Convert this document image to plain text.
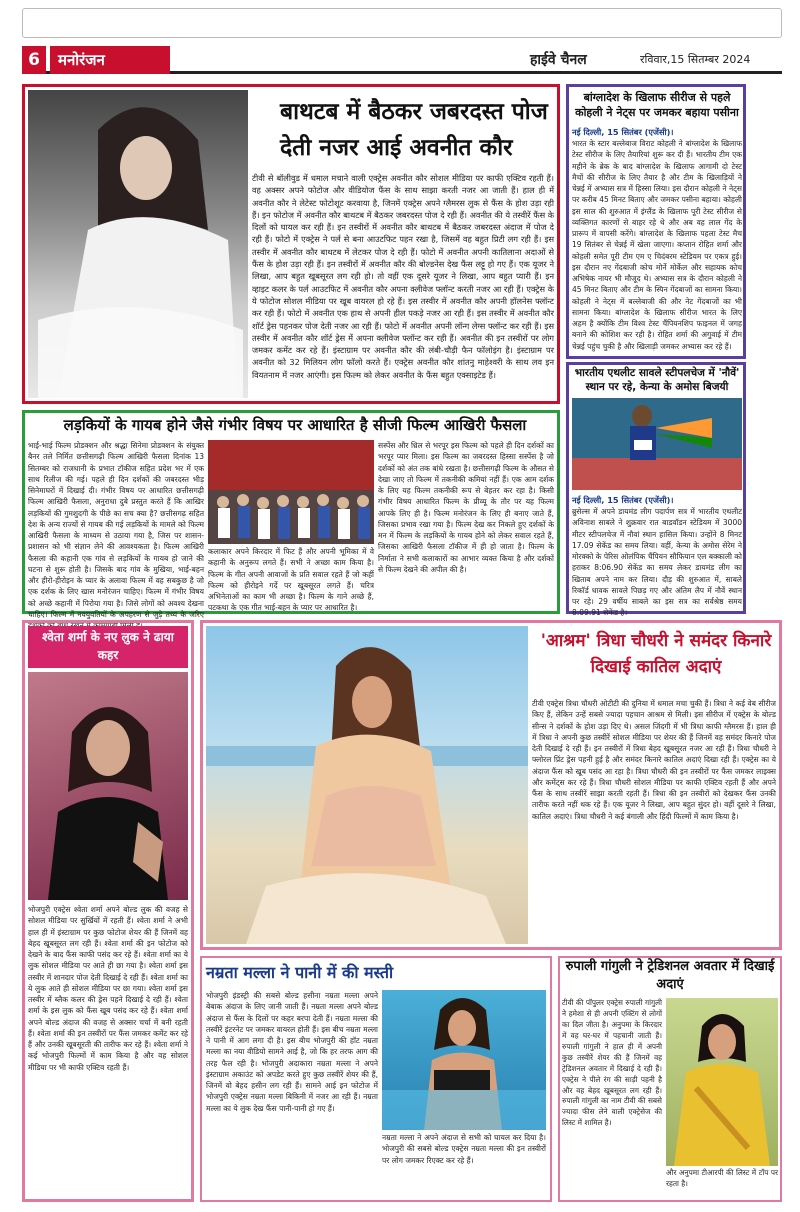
6	मनोरंजन	हाईवे चैनल	रविवार,15 सितम्बर 2024
बाथटब में बैठकर जबरदस्त पोज देती नजर आई अवनीत कौर
टीवी से बॉलीवुड में धमाल मचाने वाली एक्ट्रेस अवनीत कौर सोशल मीडिया पर काफी एक्टिव रहती हैं। वह अक्सर अपने फोटोज और वीडियोज फैंस के साथ साझा करती नजर आ जाती हैं। हाल ही में अवनीत कौर ने लेटेस्ट फोटोशूट करवाया है, जिनमें एक्ट्रेस अपने ग्लैमरस लुक से फैंस के होश उड़ा रही हैं। इन फोटोज में अवनीत कौर बाथटब में बैठकर जबरदस्त पोज दे रही हैं। अवनीत की ये तस्वीरें फैंस के दिलों को घायल कर रही हैं। इन तस्वीरों में अवनीत कौर बाथटब में बैठकर जबरदस्त अंदाज में पोज दे रही हैं। फोटो में एक्ट्रेस ने पर्ल से बना आउटफिट पहन रखा है, जिसमें वह बहुत प्रिटी लग रही हैं। इस तस्वीर में अवनीत कौर बाथटब में लेटकर पोज दे रही हैं। फोटो में अवनीत अपनी कातिलाना अदाओं से फैंस के होश उड़ा रही हैं। इन तस्वीरों में अवनीत कौर की बोल्डनेस देख फैंस लट्टू हो गए हैं। एक यूजर ने लिखा, आप बहुत खूबसूरत लग रही हो। तो वहीं एक दूसरे यूजर ने लिखा, आप बहुत प्यारी हैं। इन व्हाइट कलर के पर्ल आउटफिट में अवनीत कौर अपना क्लीवेज फ्लॉन्ट करती नजर आ रही हैं। एक्ट्रेस के ये फोटोज सोशल मीडिया पर खूब वायरल हो रहे हैं। इस तस्वीर में अवनीत कौर अपनी हॉलनेस फ्लॉन्ट कर रही हैं। फोटो में अवनीत एक हाथ से अपनी हील पकड़े नजर आ रही हैं। इस तस्वीर में अवनीत कौर शॉर्ट ड्रेस पहनकर पोज देती नजर आ रही हैं। फोटो में अवनीत अपनी लॉन्ग लेग्स फ्लॉन्ट कर रही हैं। इस तस्वीर में अवनीत कौर शॉर्ट ड्रेस में अपना क्लीवेज फ्लॉन्ट कर रही हैं। अवनीत की इन तस्वीरों पर लोग जमकर कमेंट कर रहे हैं। इंस्टाग्राम पर अवनीत कौर की लंबी-चौड़ी फैन फॉलोइंग है। इंस्टाग्राम पर अवनीत को 32 मिलियन लोग फॉलो करते हैं। एक्ट्रेस अवनीत कौर शांतनु माहेश्वरी के साथ लव इन वियतनाम में नजर आएंगी। इस फिल्म को लेकर अवनीत के फैंस बहुत एक्साइटेड हैं।
बांग्लादेश के खिलाफ सीरीज से पहले कोहली ने नेट्स पर जमकर बहाया पसीना
नई दिल्ली, 15 सितंबर (एजेंसी)।
भारत के स्टार बल्लेबाज विराट कोहली ने बांग्लादेश के खिलाफ टेस्ट सीरीज के लिए तैयारियां शुरू कर दी हैं। भारतीय टीम एक महीने के ब्रेक के बाद बांग्लादेश के खिलाफ आगामी दो टेस्ट मैचों की सीरीज के लिए तैयार है और टीम के खिलाड़ियों ने चेन्नई में अभ्यास सत्र में हिस्सा लिया। इस दौरान कोहली ने नेट्स पर करीब 45 मिनट बिताए और जमकर पसीना बहाया। कोहली इस साल की शुरुआत में इंग्लैंड के खिलाफ पूरी टेस्ट सीरीज से व्यक्तिगत कारणों से बाहर रहे थे और अब वह लाल गेंद के प्रारूप में वापसी करेंगे। बांग्लादेश के खिलाफ पहला टेस्ट मैच 19 सितंबर से चेन्नई में खेला जाएगा। कप्तान रोहित शर्मा और कोहली समेत पूरी टीम एम ए चिदंबरम स्टेडियम पर एकत्र हुई। इस दौरान नए गेंदबाजी कोच मोर्ने मोर्केल और सहायक कोच अभिषेक नायर भी मौजूद थे। अभ्यास सत्र के दौरान कोहली ने 45 मिनट बिताए और टीम के स्पिन गेंदबाजों का सामना किया। कोहली ने नेट्स में बल्लेबाजी की और नेट गेंदबाजों का भी सामना किया। बांग्लादेश के खिलाफ सीरीज भारत के लिए अहम है क्योंकि टीम विश्व टेस्ट चैंपियनशिप फाइनल में जगह बनाने की कोशिश कर रही है। रोहित शर्मा की अगुवाई में टीम चेन्नई पहुंच चुकी है और खिलाड़ी जमकर अभ्यास कर रहे हैं।
भारतीय एथलीट सावले स्टीपलचेज में 'नौवें' स्थान पर रहे, केन्या के अमोस बिजयी
नई दिल्ली, 15 सितंबर (एजेंसी)।
ब्रुसेल्स में अपने डायमंड लीग पदार्पण सत्र में भारतीय एथलीट अविनाश साबले ने शुक्रवार रात बाडवॉडन स्टेडियम में 3000 मीटर स्टीपलचेज में नौवां स्थान हासिल किया। उन्होंने 8 मिनट 17.09 सेकेंड का समय लिया। वहीं, केन्या के अमोस सेरेम ने मोरक्को के पेरिस ओलंपिक चैंपियन सौफियान एल बक्काली को हराकर 8:06.90 सेकेंड का समय लेकर डायमंड लीग का खिताब अपने नाम कर लिया। दौड़ की शुरुआत में, साबले रिकॉर्ड धावक सावले पिछड़ गए और अंतिम लैप में नौवें स्थान पर रहे। 29 वर्षीय साबले का इस सत्र का सर्वश्रेष्ठ समय 8:09.91 सेकेंड है।
लड़कियों के गायब होने जैसे गंभीर विषय पर आधारित है सीजी फिल्म आखिरी फैसला
भाई-भाई फिल्म प्रोडक्शन और श्रद्धा सिनेमा प्रोडक्शन के संयुक्त बैनर तले निर्मित छत्तीसगढ़ी फिल्म आखिरी फैसला दिनांक 13 सितम्बर को राजधानी के प्रभात टॉकीज सहित प्रदेश भर में एक साथ रिलीज की गई। पहले ही दिन दर्शकों की जबरदस्त भीड़ सिनेमाघरों में दिखाई दी। गंभीर विषय पर आधारित छत्तीसगढ़ी फिल्म आखिरी फैसला, अनुराधा दुबे प्रस्तुत करते हैं कि आखिर लड़कियों की गुमशुदगी के पीछे का सच क्या है? छत्तीसगढ़ सहित देश के अन्य राज्यों से गायब की गई लड़कियों के मामले को फिल्म आखिरी फैसला के माध्यम से उठाया गया है, जिस पर शासन-प्रशासन को भी संज्ञान लेने की आवश्यकता है। फिल्म आखिरी फैसला की कहानी एक गांव से लड़कियों के गायब हो जाने की घटना से शुरू होती है। जिसके बाद गांव के मुखिया, भाई-बहन और हीरो-हीरोइन के प्यार के अलावा फिल्म में वह सबकुछ है जो एक दर्शक के लिए खास मनोरंजन चाहिए। फिल्म में गंभीर विषय को अच्छे कहानी में पिरोया गया है। जिसे लोगों को अवश्य देखना चाहिए। फिल्म में नवयुवतियों के अपहरण से जुड़े तथ्य के जरिए
कलाकार अपने किरदार में फिट हैं और अपनी भूमिका में वे कहानी के अनुरूप लगते हैं। सभी ने अच्छा काम किया है। फिल्म के गीत अपनी आवाजों के प्रति सवाल रहते हैं जो कहीं फिल्म को हीरोइने गर्दे पर खूबसूरत लगते हैं। चरित्र अभिनेताओं का काम भी अच्छा है। फिल्म के गाने अच्छे हैं, पटकथा के एक गीत भाई-बहन के प्यार पर आधारित है।
सस्पेंस और थ्रिल से भरपूर इस फिल्म को पहले ही दिन दर्शकों का भरपूर प्यार मिला। इस फिल्म का जबरदस्त हिस्सा सस्पेंस है जो दर्शकों को अंत तक बांधे रखता है। छत्तीसगढ़ी फिल्म के औसत से देखा जाए तो फिल्म में तकनीकी कमियां नहीं हैं। एक आम दर्शक के लिए यह फिल्म तकनीकी रूप से बेहतर कर रहा है। किसी गंभीर विषय आधारित फिल्म के प्रीव्यू के तौर पर यह फिल्म आपके लिए ही है। फिल्म मनोरंजन के लिए ही बनाए जाते हैं, जिसका प्रभाव रखा गया है। फिल्म देख कर निकले हुए दर्शकों के मन में फिल्म के लड़कियों के गायब होने को लेकर सवाल रहते हैं, जिसका आखिरी फैसला टॉकीज में ही हो जाता है। फिल्म के निर्माता ने सभी कलाकारों का आभार व्यक्त किया है और दर्शकों से फिल्म देखने की अपील की है।
श्वेता शर्मा के नए लुक ने ढाया कहर
भोजपुरी एक्ट्रेस श्वेता शर्मा अपने बोल्ड लुक की वजह से सोशल मीडिया पर सुर्खियों में रहती हैं। श्वेता शर्मा ने अभी हाल ही में इंस्टाग्राम पर कुछ फोटोज शेयर की हैं जिनमें वह बेहद खूबसूरत लग रही हैं। श्वेता शर्मा की इन फोटोज को देखने के बाद फैंस काफी पसंद कर रहे हैं। श्वेता शर्मा का ये लुक सोशल मीडिया पर आते ही छा गया है। श्वेता शर्मा इस तस्वीर में शानदार पोज देती दिखाई दे रही हैं। श्वेता शर्मा का ये लुक आते ही सोशल मीडिया पर छा गया। श्वेता शर्मा इस तस्वीर में ब्लैक कलर की ड्रेस पहने दिखाई दे रही हैं। श्वेता शर्मा के इस लुक को फैंस खूब पसंद कर रहे हैं। श्वेता शर्मा अपने बोल्ड अंदाज की वजह से अक्सर चर्चा में बनी रहती हैं। श्वेता शर्मा की इन तस्वीरों पर फैंस जमकर कमेंट कर रहे हैं और उनकी खूबसूरती की तारीफ कर रहे हैं। श्वेता शर्मा ने कई भोजपुरी फिल्मों में काम किया है और वह सोशल मीडिया पर भी काफी एक्टिव रहती हैं।
'आश्रम' त्रिधा चौधरी ने समंदर किनारे दिखाई कातिल अदाएं
टीवी एक्ट्रेस त्रिधा चौधरी ओटीटी की दुनिया में धमाल मचा चुकी हैं। त्रिधा ने कई वेब सीरीज किए हैं, लेकिन उन्हें सबसे ज्यादा पहचान आश्रम से मिली। इस सीरीज में एक्ट्रेस के बोल्ड सीन्स ने दर्शकों के होश उड़ा दिए थे। असल जिंदगी में भी त्रिधा काफी ग्लैमरस हैं। हाल ही में त्रिधा ने अपनी कुछ तस्वीरें सोशल मीडिया पर शेयर की हैं जिनमें वह समंदर किनारे पोज देती दिखाई दे रही हैं। इन तस्वीरों में त्रिधा बेहद खूबसूरत नजर आ रही हैं। त्रिधा चौधरी ने फ्लोरल प्रिंट ड्रेस पहनी हुई है और समंदर किनारे कातिल अदाएं दिखा रही हैं। एक्ट्रेस का ये अंदाज फैंस को खूब पसंद आ रहा है। त्रिधा चौधरी की इन तस्वीरों पर फैंस जमकर लाइक्स और कमेंट्स कर रहे हैं। त्रिधा चौधरी सोशल मीडिया पर काफी एक्टिव रहती हैं और अपने फैंस के साथ तस्वीरें साझा करती रहती हैं। त्रिधा की इन तस्वीरों को देखकर फैंस उनकी तारीफ करते नहीं थक रहे हैं। एक यूजर ने लिखा, आप बहुत सुंदर हो। वहीं दूसरे ने लिखा, कातिल अदाएं। त्रिधा चौधरी ने कई बंगाली और हिंदी फिल्मों में काम किया है।
नम्रता मल्ला ने पानी में की मस्ती
भोजपुरी इंडस्ट्री की सबसे बोल्ड हसीना नम्रता मल्ला अपने बेबाक अंदाज के लिए जानी जाती हैं। नम्रता मल्ला अपने बोल्ड अंदाज से फैंस के दिलों पर कहर बरपा देती हैं। नम्रता मल्ला की तस्वीरें इंटरनेट पर जमकर वायरल होती हैं। इस बीच नम्रता मल्ला ने पानी में आग लगा दी है। इस बीच भोजपुरी की हॉट नम्रता मल्ला का नया वीडियो सामने आई है, जो कि हर तरफ आग की तरह फैल रही है। भोजपुरी अदाकारा नम्रता मल्ला ने अपने इंस्टाग्राम अकाउंट को अपडेट करते हुए कुछ तस्वीरें शेयर की हैं, जिनमें वो बेहद हसीन लग रही हैं। सामने आई इन फोटोज में भोजपुरी एक्ट्रेस नम्रता मल्ला बिकिनी में नजर आ रही हैं। नम्रता मल्ला का ये लुक देख फैंस पानी-पानी हो गए हैं।
नम्रता मल्ला ने अपने अंदाज से सभी को घायल कर दिया है। भोजपुरी की सबसे बोल्ड एक्ट्रेस नम्रता मल्ला की इन तस्वीरों पर लोग जमकर रिएक्ट कर रहे हैं।
रुपाली गांगुली ने ट्रेडिशनल अवतार में दिखाई अदाएं
टीवी की पॉपुलर एक्ट्रेस रुपाली गांगुली ने हमेशा से ही अपनी एक्टिंग से लोगों का दिल जीता है। अनुपमा के किरदार में वह घर-घर में पहचानी जाती हैं। रुपाली गांगुली ने हाल ही में अपनी कुछ तस्वीरें शेयर की हैं जिनमें वह ट्रेडिशनल अवतार में दिखाई दे रही हैं। एक्ट्रेस ने पीले रंग की साड़ी पहनी है और वह बेहद खूबसूरत लग रही हैं। रुपाली गांगुली का नाम टीवी की सबसे ज्यादा फीस लेने वाली एक्ट्रेसेज की लिस्ट में शामिल है।
और अनुपमा टीआरपी की लिस्ट में टॉप पर रहता है।
